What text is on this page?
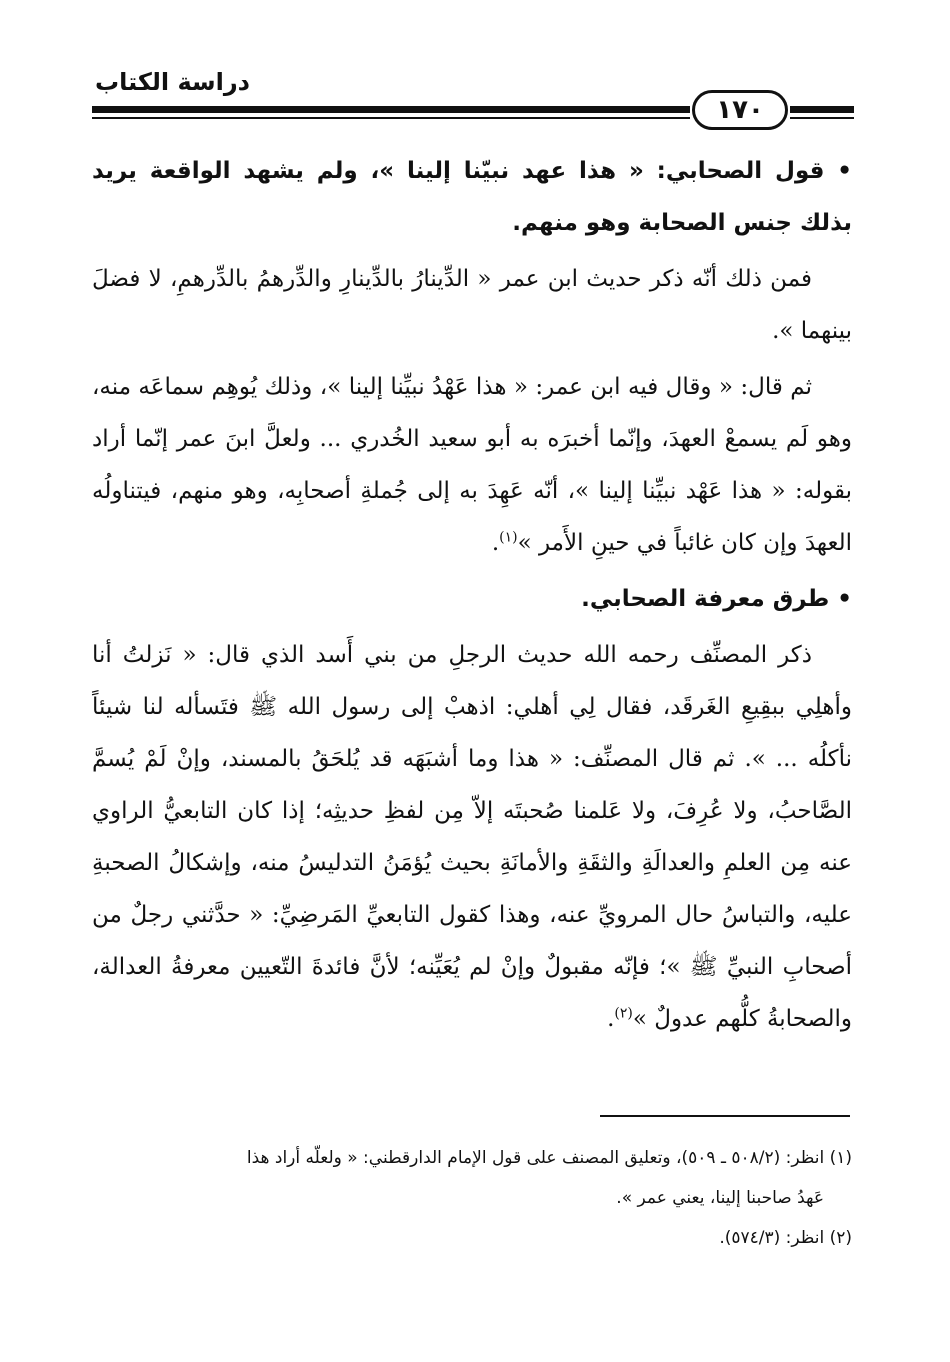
دراسة الكتاب
١٧٠

• قول الصحابي: « هذا عهد نبيّنا إلينا »، ولم يشهد الواقعة يريد بذلك جنس الصحابة وهو منهم.

فمن ذلك أنّه ذكر حديث ابن عمر « الدِّينارُ بالدِّينارِ والدِّرهمُ بالدِّرهمِ، لا فضلَ بينهما ».

ثم قال: « وقال فيه ابن عمر: « هذا عَهْدُ نبيِّنا إلينا »، وذلك يُوهِم سماعَه منه، وهو لَم يسمعْ العهدَ، وإنّما أخبرَه به أبو سعيد الخُدري ... ولعلَّ ابنَ عمر إنّما أراد بقوله: « هذا عَهْد نبيِّنا إلينا »، أنّه عَهِدَ به إلى جُملةِ أصحابِه، وهو منهم، فيتناولُه العهدَ وإن كان غائباً في حينِ الأَمر »$^{(١)}$.

• طرق معرفة الصحابي.

ذكر المصنِّف رحمه الله حديث الرجلِ من بني أَسد الذي قال: « نَزلتُ أنا وأهلِي ببقِيعِ الغَرقَد، فقال لِي أهلي: اذهبْ إلى رسول الله ﷺ فتَسأله لنا شيئاً نأكلُه ... ». ثم قال المصنِّف: « هذا وما أشبَهَه قد يُلحَقُ بالمسند، وإنْ لَمْ يُسمَّ الصَّاحبُ، ولا عُرِفَ، ولا عَلمنا صُحبتَه إلاّ مِن لفظِ حديثِه؛ إذا كان التابعيُّ الراوي عنه مِن العلمِ والعدالَةِ والثقَةِ والأمانَةِ بحيث يُؤمَنُ التدليسُ منه، وإشكالُ الصحبةِ عليه، والتباسُ حال المرويِّ عنه، وهذا كقول التابعيِّ المَرضِيِّ: « حدَّثني رجلٌ من أصحابِ النبيِّ ﷺ »؛ فإنّه مقبولٌ وإنْ لم يُعَيِّنه؛ لأنَّ فائدةَ التّعيين معرفةُ العدالة، والصحابةُ كلُّهم عدولٌ »$^{(٢)}$.

(١) انظر: (٥٠٨/٢ ـ ٥٠٩)، وتعليق المصنف على قول الإمام الدارقطني: « ولعلّه أراد هذا

عَهدُ صاحبنا إلينا، يعني عمر ».

(٢) انظر: (٥٧٤/٣).
